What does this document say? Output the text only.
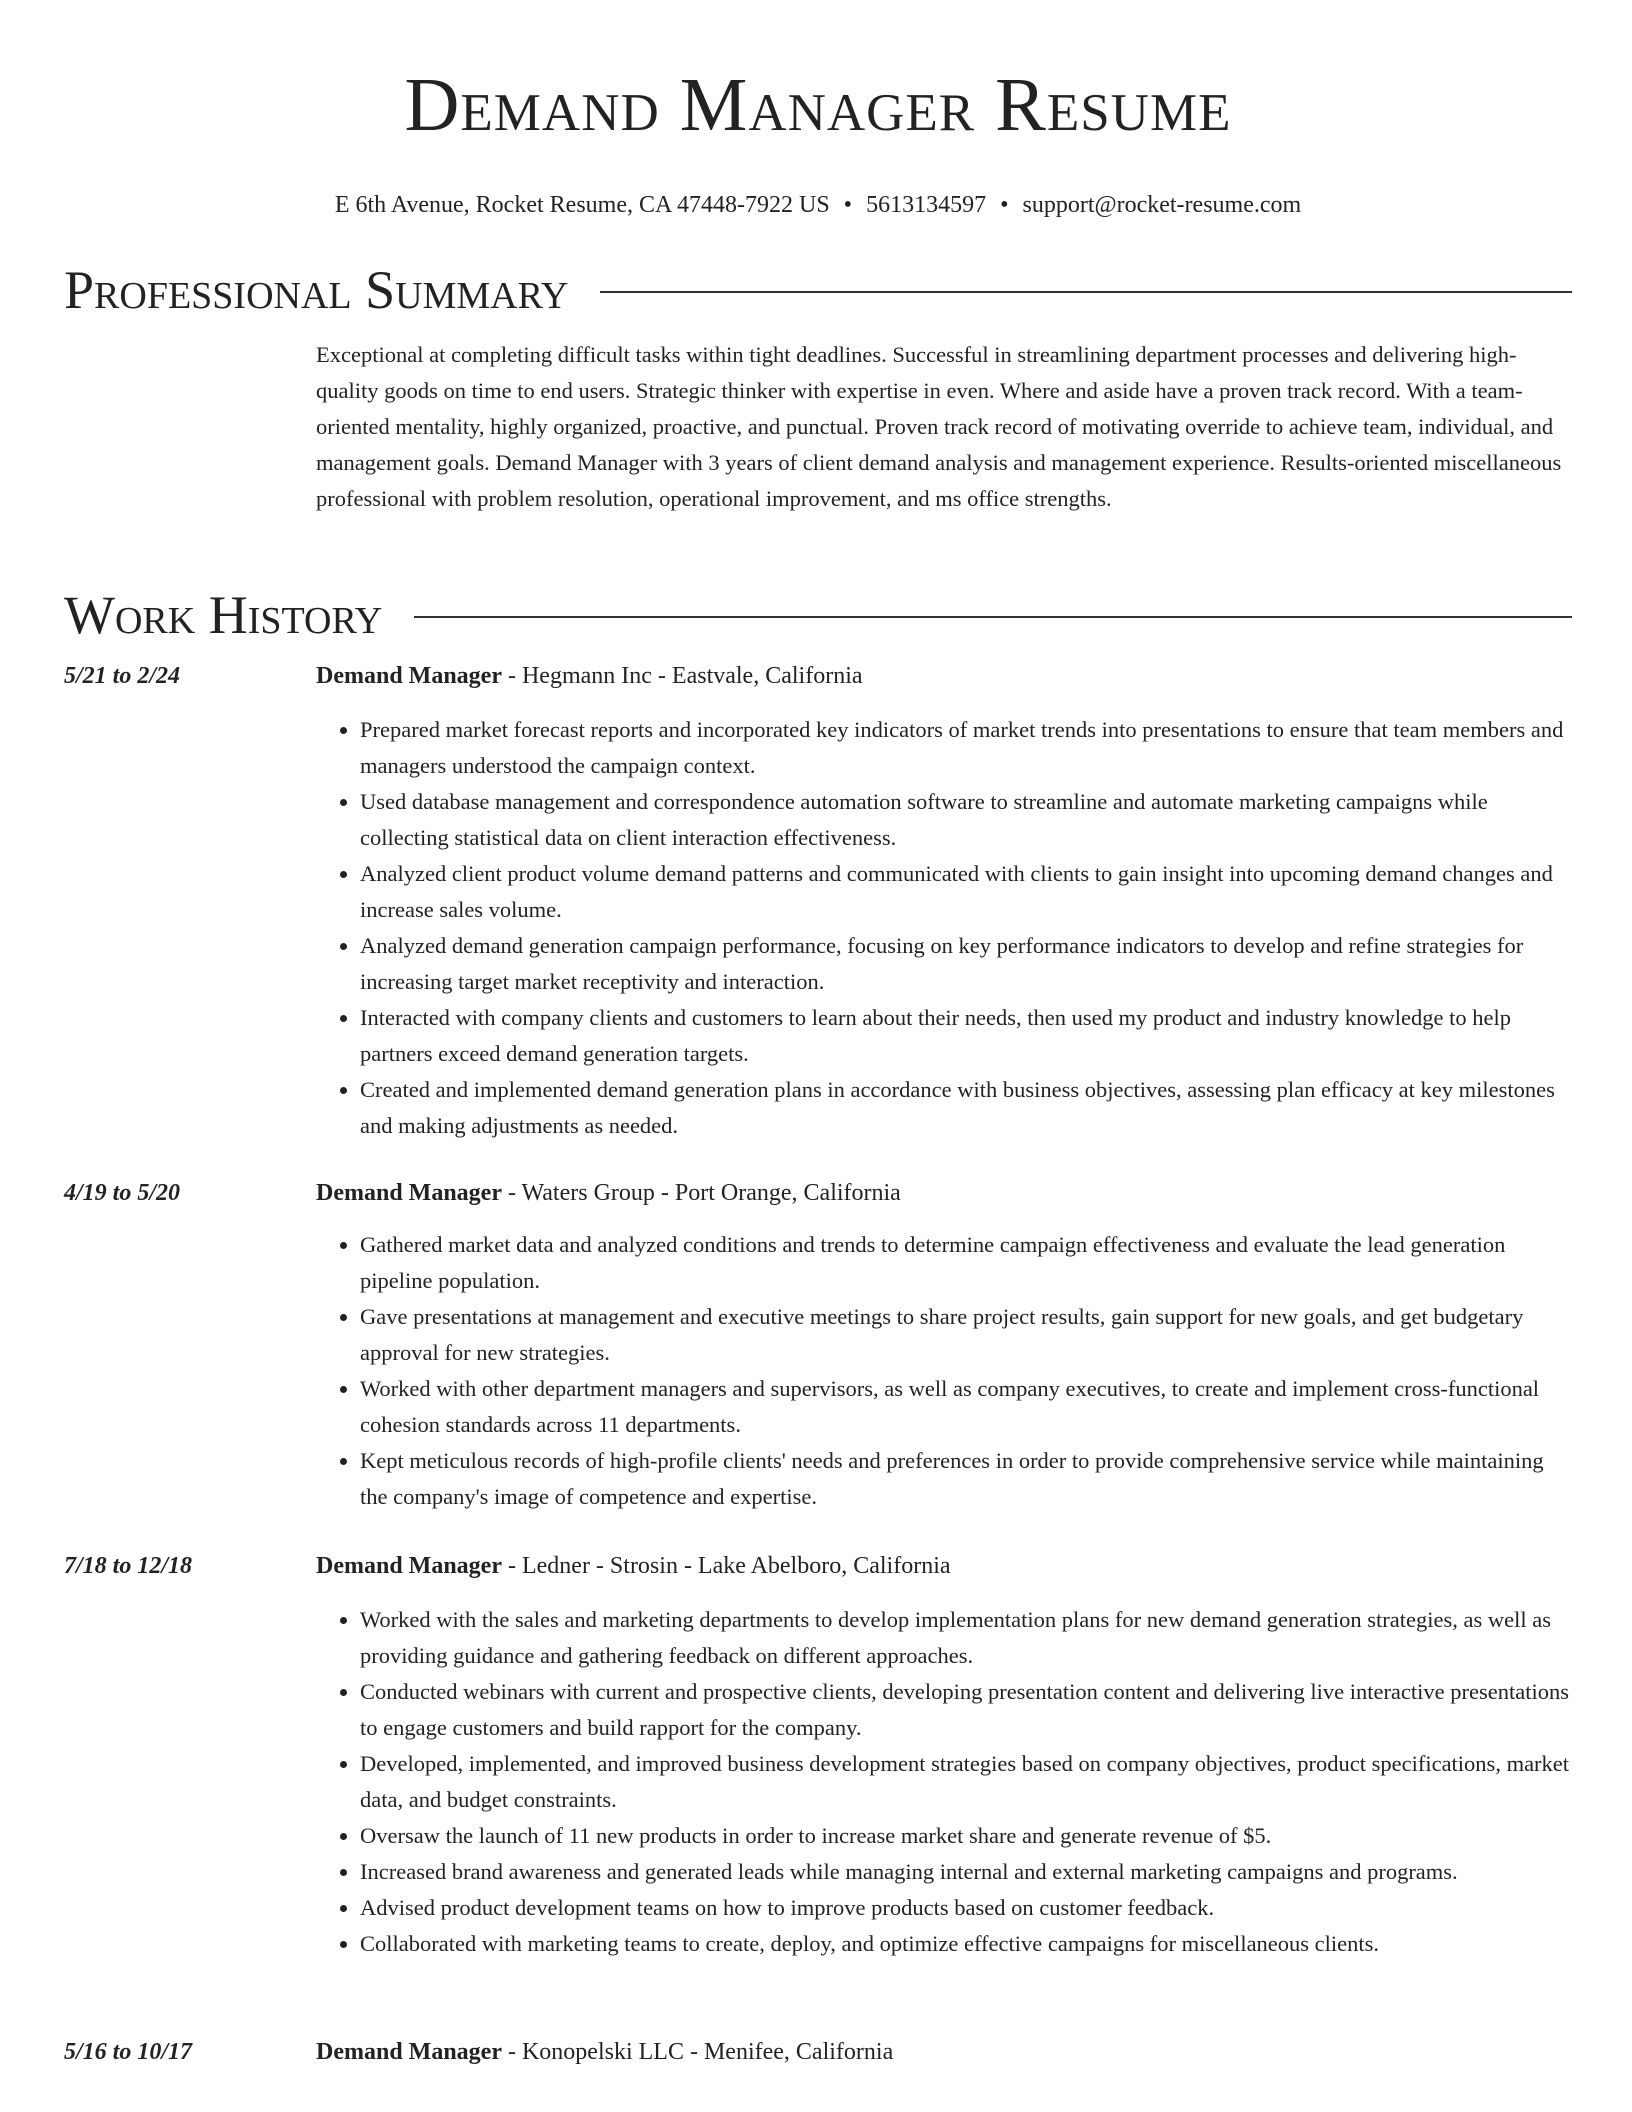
Demand Manager Resume
E 6th Avenue, Rocket Resume, CA 47448-7922 US • 5613134597 • support@rocket-resume.com
Professional Summary
Exceptional at completing difficult tasks within tight deadlines. Successful in streamlining department processes and delivering high-quality goods on time to end users. Strategic thinker with expertise in even. Where and aside have a proven track record. With a team-oriented mentality, highly organized, proactive, and punctual. Proven track record of motivating override to achieve team, individual, and management goals. Demand Manager with 3 years of client demand analysis and management experience. Results-oriented miscellaneous professional with problem resolution, operational improvement, and ms office strengths.
Work History
5/21 to 2/24	Demand Manager - Hegmann Inc - Eastvale, California
• Prepared market forecast reports and incorporated key indicators of market trends into presentations to ensure that team members and managers understood the campaign context.
• Used database management and correspondence automation software to streamline and automate marketing campaigns while collecting statistical data on client interaction effectiveness.
• Analyzed client product volume demand patterns and communicated with clients to gain insight into upcoming demand changes and increase sales volume.
• Analyzed demand generation campaign performance, focusing on key performance indicators to develop and refine strategies for increasing target market receptivity and interaction.
• Interacted with company clients and customers to learn about their needs, then used my product and industry knowledge to help partners exceed demand generation targets.
• Created and implemented demand generation plans in accordance with business objectives, assessing plan efficacy at key milestones and making adjustments as needed.
4/19 to 5/20	Demand Manager - Waters Group - Port Orange, California
• Gathered market data and analyzed conditions and trends to determine campaign effectiveness and evaluate the lead generation pipeline population.
• Gave presentations at management and executive meetings to share project results, gain support for new goals, and get budgetary approval for new strategies.
• Worked with other department managers and supervisors, as well as company executives, to create and implement cross-functional cohesion standards across 11 departments.
• Kept meticulous records of high-profile clients' needs and preferences in order to provide comprehensive service while maintaining the company's image of competence and expertise.
7/18 to 12/18	Demand Manager - Ledner - Strosin - Lake Abelboro, California
• Worked with the sales and marketing departments to develop implementation plans for new demand generation strategies, as well as providing guidance and gathering feedback on different approaches.
• Conducted webinars with current and prospective clients, developing presentation content and delivering live interactive presentations to engage customers and build rapport for the company.
• Developed, implemented, and improved business development strategies based on company objectives, product specifications, market data, and budget constraints.
• Oversaw the launch of 11 new products in order to increase market share and generate revenue of $5.
• Increased brand awareness and generated leads while managing internal and external marketing campaigns and programs.
• Advised product development teams on how to improve products based on customer feedback.
• Collaborated with marketing teams to create, deploy, and optimize effective campaigns for miscellaneous clients.
5/16 to 10/17	Demand Manager - Konopelski LLC - Menifee, California
